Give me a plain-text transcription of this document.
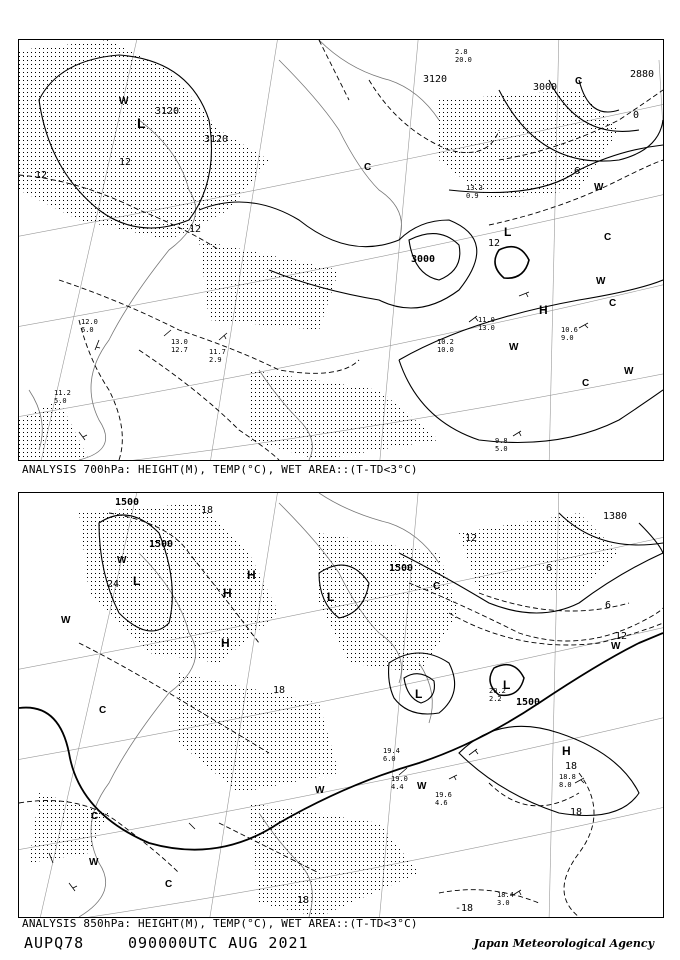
3120
3120
3120
3000
3000
2880
12
12
12
0
6
12
L
L
H
W
W
W
W
W
C
C
C
C
C
10.2 10.0
10.6 9.0
9.8 5.0
11.0 13.0
11.7 2.9
13.0 12.7
11.2 5.0
12.0 6.0
2.8 20.0
13.3 0.9
ANALYSIS 700hPa: HEIGHT(M), TEMP(°C), WET AREA::(T-TD<3°C)
1500
1500
1500
1500
1380
24
18
18
18
18
12
12
6
6
18
-18
L
L
L
L
H
H
H
H
W
W
W
W	W
W
C
C
C
C
19.4 6.0
19.6 4.6
18.4 3.0
18.8 8.0
20.2 2.2
19.0 4.4
ANALYSIS 850hPa: HEIGHT(M), TEMP(°C), WET AREA::(T-TD<3°C)
AUPQ78	090000UTC AUG 2021	Japan Meteorological Agency
